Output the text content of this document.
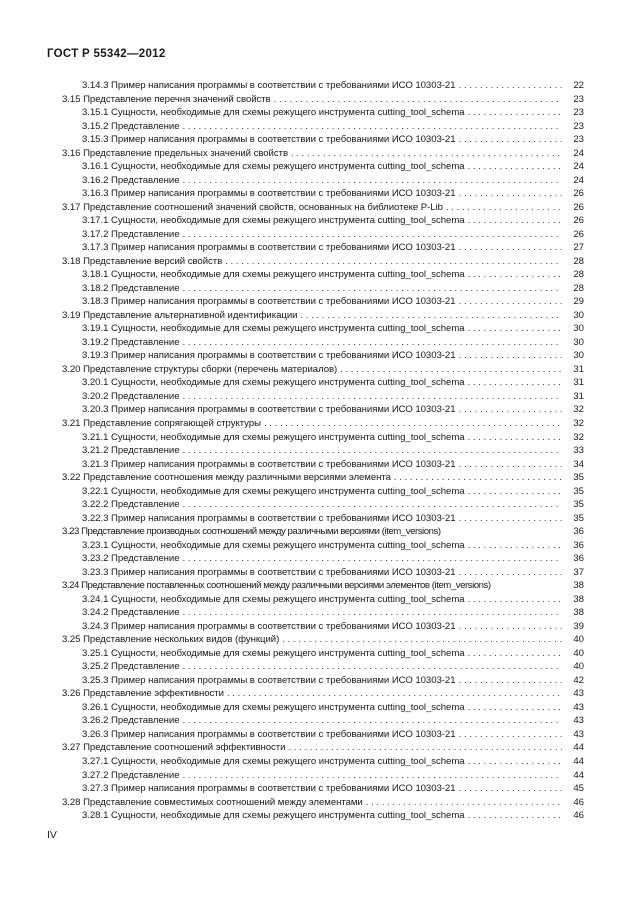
ГОСТ Р 55342—2012
3.14.3 Пример написания программы в соответствии с требованиями ИСО 10303-21 . . .	22
3.15 Представление перечня значений свойств . . .	23
3.15.1 Сущности, необходимые для схемы режущего инструмента cutting_tool_schema . . .	23
3.15.2 Представление . . .	23
3.15.3 Пример написания программы в соответствии с требованиями ИСО 10303-21 . . .	23
3.16 Представление предельных значений свойств . . .	24
3.16.1 Сущности, необходимые для схемы режущего инструмента cutting_tool_schema . . .	24
3.16.2 Представление . . .	24
3.16.3 Пример написания программы в соответствии с требованиями ИСО 10303-21 . . .	26
3.17 Представление соотношений значений свойств, основанных на библиотеке P-Lib . . .	26
3.17.1 Сущности, необходимые для схемы режущего инструмента cutting_tool_schema . . .	26
3.17.2 Представление . . .	26
3.17.3 Пример написания программы в соответствии с требованиями ИСО 10303-21 . . .	27
3.18 Представление версий свойств . . .	28
3.18.1 Сущности, необходимые для схемы режущего инструмента cutting_tool_schema . . .	28
3.18.2 Представление . . .	28
3.18.3 Пример написания программы в соответствии с требованиями ИСО 10303-21 . . .	29
3.19 Представление альтернативной идентификации . . .	30
3.19.1 Сущности, необходимые для схемы режущего инструмента cutting_tool_schema . . .	30
3.19.2 Представление . . .	30
3.19.3 Пример написания программы в соответствии с требованиями ИСО 10303-21 . . .	30
3.20 Представление структуры сборки (перечень материалов) . . .	31
3.20.1 Сущности, необходимые для схемы режущего инструмента cutting_tool_schema . . .	31
3.20.2 Представление . . .	31
3.20.3 Пример написания программы в соответствии с требованиями ИСО 10303-21 . . .	32
3.21 Представление сопрягающей структуры . . .	32
3.21.1 Сущности, необходимые для схемы режущего инструмента cutting_tool_schema . . .	32
3.21.2 Представление . . .	33
3.21.3 Пример написания программы в соответствии с требованиями ИСО 10303-21 . . .	34
3.22 Представление соотношения между различными версиями элемента . . .	35
3.22.1 Сущности, необходимые для схемы режущего инструмента cutting_tool_schema . . .	35
3.22.2 Представление . . .	35
3.22.3 Пример написания программы в соответствии с требованиями ИСО 10303-21 . . .	35
3.23 Представление производных соотношений между различными версиями (item_versions)	36
3.23.1 Сущности, необходимые для схемы режущего инструмента cutting_tool_schema . . .	36
3.23.2 Представление . . .	36
3.23.3 Пример написания программы в соответствии с требованиями ИСО 10303-21 . . .	37
3.24 Представление поставленных соотношений между различными версиями элементов (item_versions)	38
3.24.1 Сущности, необходимые для схемы режущего инструмента cutting_tool_schema . . .	38
3.24.2 Представление . . .	38
3.24.3 Пример написания программы в соответствии с требованиями ИСО 10303-21 . . .	39
3.25 Представление нескольких видов (функций) . . .	40
3.25.1 Сущности, необходимые для схемы режущего инструмента cutting_tool_schema . . .	40
3.25.2 Представление . . .	40
3.25.3 Пример написания программы в соответствии с требованиями ИСО 10303-21 . . .	42
3.26 Представление эффективности . . .	43
3.26.1 Сущности, необходимые для схемы режущего инструмента cutting_tool_schema . . .	43
3.26.2 Представление . . .	43
3.26.3 Пример написания программы в соответствии с требованиями ИСО 10303-21 . . .	43
3.27 Представление соотношений эффективности . . .	44
3.27.1 Сущности, необходимые для схемы режущего инструмента cutting_tool_schema . . .	44
3.27.2 Представление . . .	44
3.27.3 Пример написания программы в соответствии с требованиями ИСО 10303-21 . . .	45
3.28 Представление совместимых соотношений между элементами . . .	46
3.28.1 Сущности, необходимые для схемы режущего инструмента cutting_tool_schema . . .	46
IV
